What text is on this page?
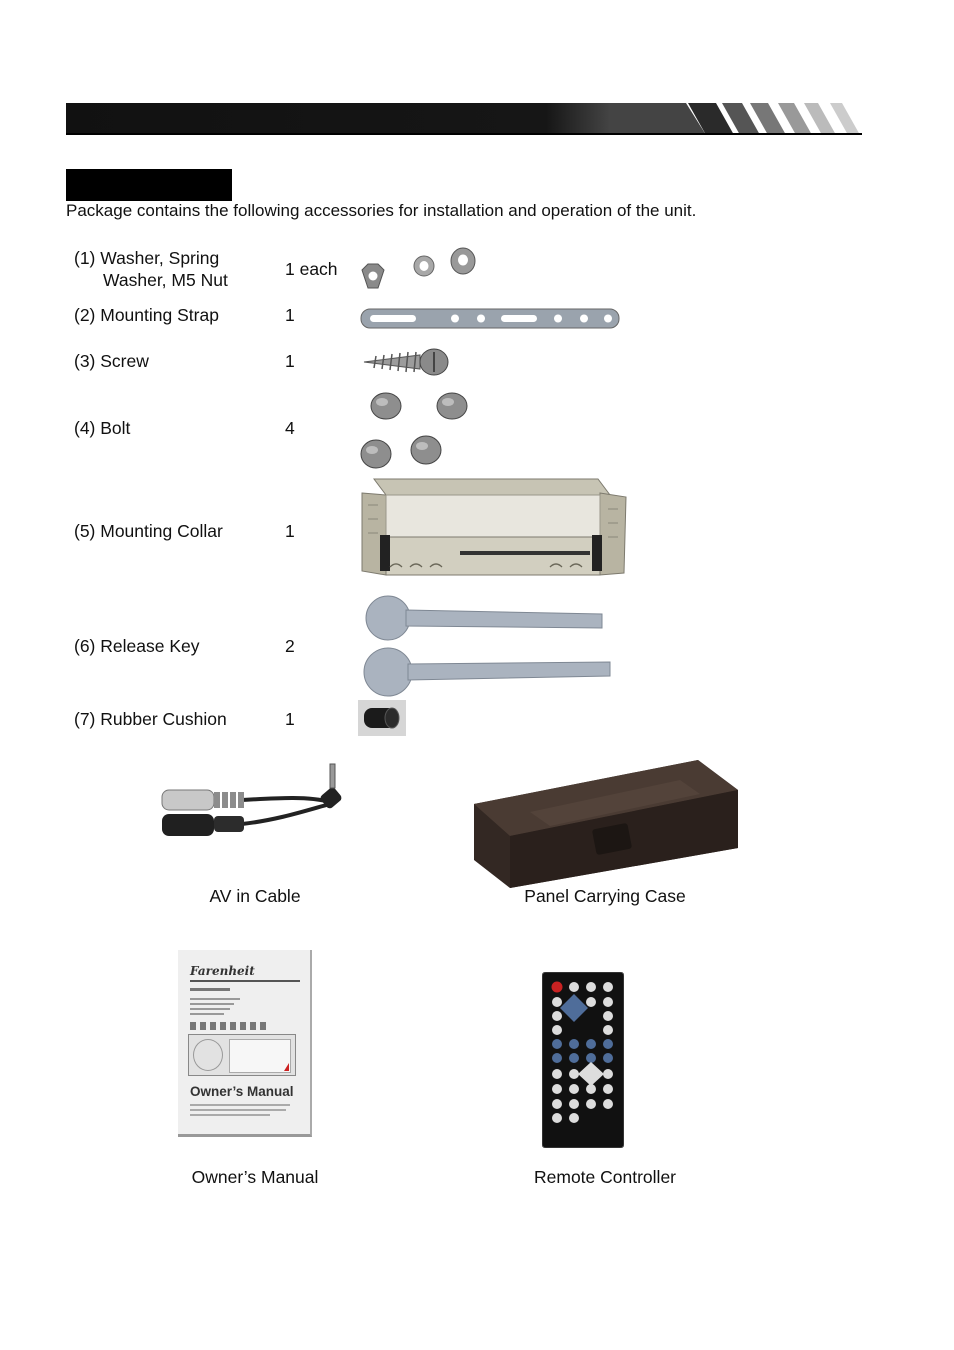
Package contains the following accessories for installation and operation of the unit.
(1) Washer, Spring
Washer, M5 Nut
1 each
(2) Mounting Strap	1
(3) Screw	1
(4) Bolt	4
(5) Mounting Collar	1
(6) Release Key	2
(7) Rubber Cushion	1
AV in Cable	Panel Carrying Case
Farenheit
Owner’s Manual
Owner’s Manual	Remote Controller
